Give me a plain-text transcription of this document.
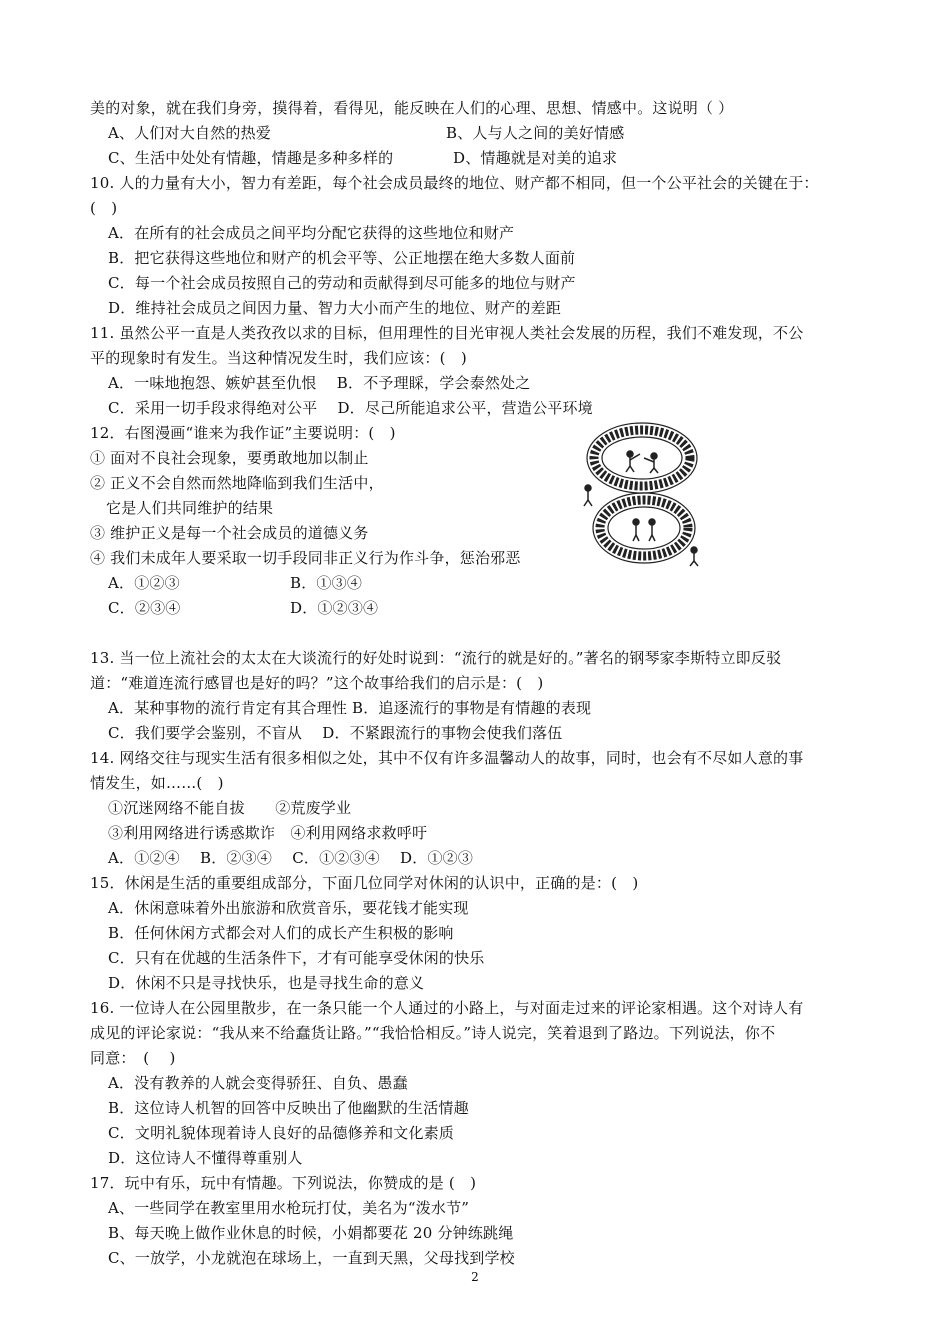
美的对象，就在我们身旁，摸得着，看得见，能反映在人们的心理、思想、情感中。这说明（ ）
A、人们对大自然的热爱	B、人与人之间的美好情感
C、生活中处处有情趣，情趣是多种多样的	D、情趣就是对美的追求
10. 人的力量有大小，智力有差距，每个社会成员最终的地位、财产都不相同，但一个公平社会的关键在于：
(　)
A．在所有的社会成员之间平均分配它获得的这些地位和财产
B．把它获得这些地位和财产的机会平等、公正地摆在绝大多数人面前
C．每一个社会成员按照自己的劳动和贡献得到尽可能多的地位与财产
D．维持社会成员之间因力量、智力大小而产生的地位、财产的差距
11. 虽然公平一直是人类孜孜以求的目标，但用理性的目光审视人类社会发展的历程，我们不难发现，不公
平的现象时有发生。当这种情况发生时，我们应该：(　)
A．一味地抱怨、嫉妒甚至仇恨　 B．不予理睬，学会泰然处之
C．采用一切手段求得绝对公平　 D．尽己所能追求公平，营造公平环境
12．右图漫画“谁来为我作证”主要说明：(　)
① 面对不良社会现象，要勇敢地加以制止
② 正义不会自然而然地降临到我们生活中，
它是人们共同维护的结果
③ 维护正义是每一个社会成员的道德义务
④ 我们未成年人要采取一切手段同非正义行为作斗争，惩治邪恶
A．①②③	B．①③④
C．②③④	D．①②③④
13. 当一位上流社会的太太在大谈流行的好处时说到：“流行的就是好的。”著名的钢琴家李斯特立即反驳
道：“难道连流行感冒也是好的吗？”这个故事给我们的启示是：(　)
A．某种事物的流行肯定有其合理性 B．追逐流行的事物是有情趣的表现
C．我们要学会鉴别，不盲从　 D．不紧跟流行的事物会使我们落伍
14. 网络交往与现实生活有很多相似之处，其中不仅有许多温馨动人的故事，同时，也会有不尽如人意的事
情发生，如……(　)
①沉迷网络不能自拔　　②荒废学业
③利用网络进行诱惑欺诈　④利用网络求救呼吁
A．①②④　 B．②③④　 C．①②③④　 D．①②③
15．休闲是生活的重要组成部分，下面几位同学对休闲的认识中，正确的是：(　)
A．休闲意味着外出旅游和欣赏音乐，要花钱才能实现
B．任何休闲方式都会对人们的成长产生积极的影响
C．只有在优越的生活条件下，才有可能享受休闲的快乐
D．休闲不只是寻找快乐，也是寻找生命的意义
16. 一位诗人在公园里散步，在一条只能一个人通过的小路上，与对面走过来的评论家相遇。这个对诗人有
成见的评论家说：“我从来不给蠢货让路。”“我恰恰相反。”诗人说完，笑着退到了路边。下列说法，你不
同意：　(　 )
A．没有教养的人就会变得骄狂、自负、愚蠢
B．这位诗人机智的回答中反映出了他幽默的生活情趣
C．文明礼貌体现着诗人良好的品德修养和文化素质
D．这位诗人不懂得尊重别人
17．玩中有乐，玩中有情趣。下列说法，你赞成的是 (　)
A、一些同学在教室里用水枪玩打仗，美名为“泼水节”
B、每天晚上做作业休息的时候，小娟都要花 20 分钟练跳绳
C、一放学，小龙就泡在球场上，一直到天黑，父母找到学校
2
